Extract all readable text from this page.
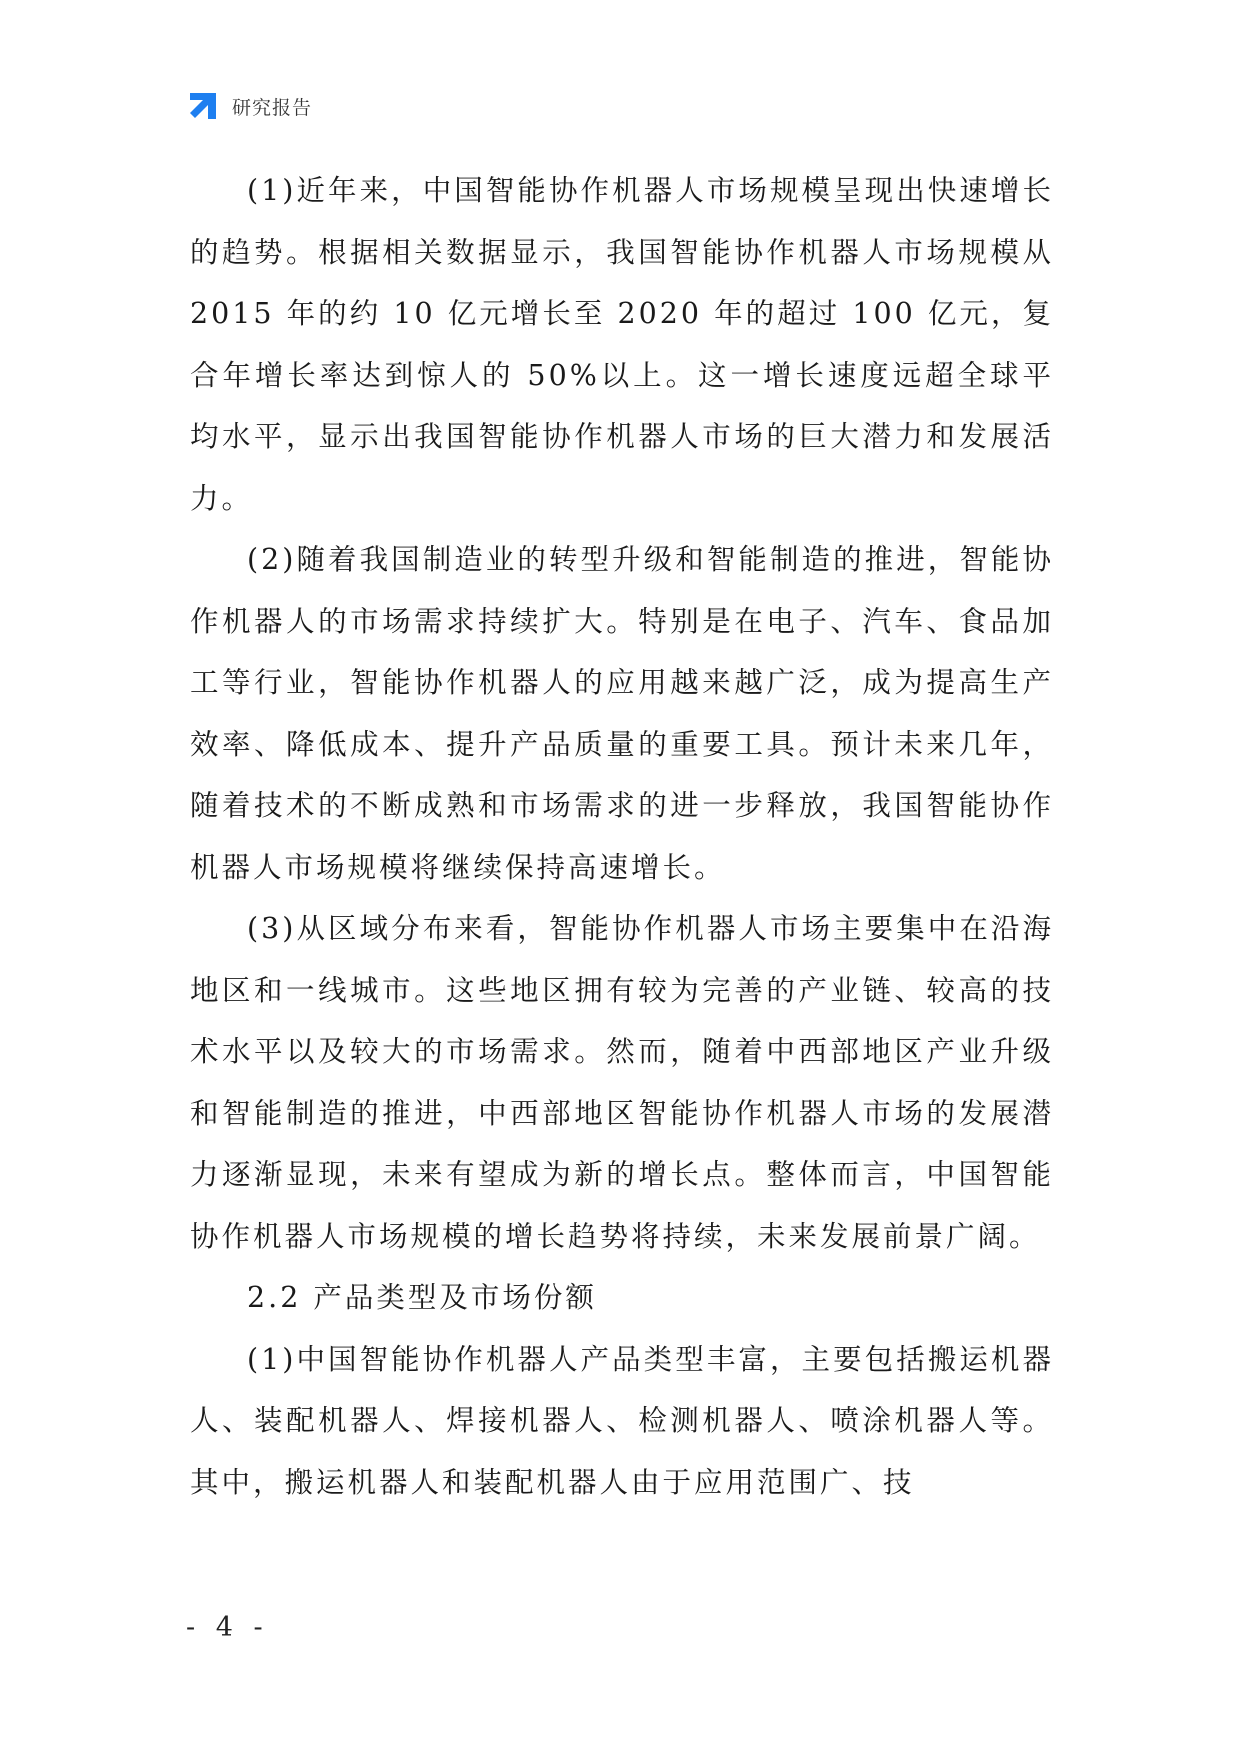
研究报告

(1)近年来，中国智能协作机器人市场规模呈现出快速增长的趋势。根据相关数据显示，我国智能协作机器人市场规模从 2015 年的约 10 亿元增长至 2020 年的超过 100 亿元，复合年增长率达到惊人的 50%以上。这一增长速度远超全球平均水平，显示出我国智能协作机器人市场的巨大潜力和发展活力。

(2)随着我国制造业的转型升级和智能制造的推进，智能协作机器人的市场需求持续扩大。特别是在电子、汽车、食品加工等行业，智能协作机器人的应用越来越广泛，成为提高生产效率、降低成本、提升产品质量的重要工具。预计未来几年，随着技术的不断成熟和市场需求的进一步释放，我国智能协作机器人市场规模将继续保持高速增长。

(3)从区域分布来看，智能协作机器人市场主要集中在沿海地区和一线城市。这些地区拥有较为完善的产业链、较高的技术水平以及较大的市场需求。然而，随着中西部地区产业升级和智能制造的推进，中西部地区智能协作机器人市场的发展潜力逐渐显现，未来有望成为新的增长点。整体而言，中国智能协作机器人市场规模的增长趋势将持续，未来发展前景广阔。

2.2 产品类型及市场份额

(1)中国智能协作机器人产品类型丰富，主要包括搬运机器人、装配机器人、焊接机器人、检测机器人、喷涂机器人等。其中，搬运机器人和装配机器人由于应用范围广、技

- 4 -
